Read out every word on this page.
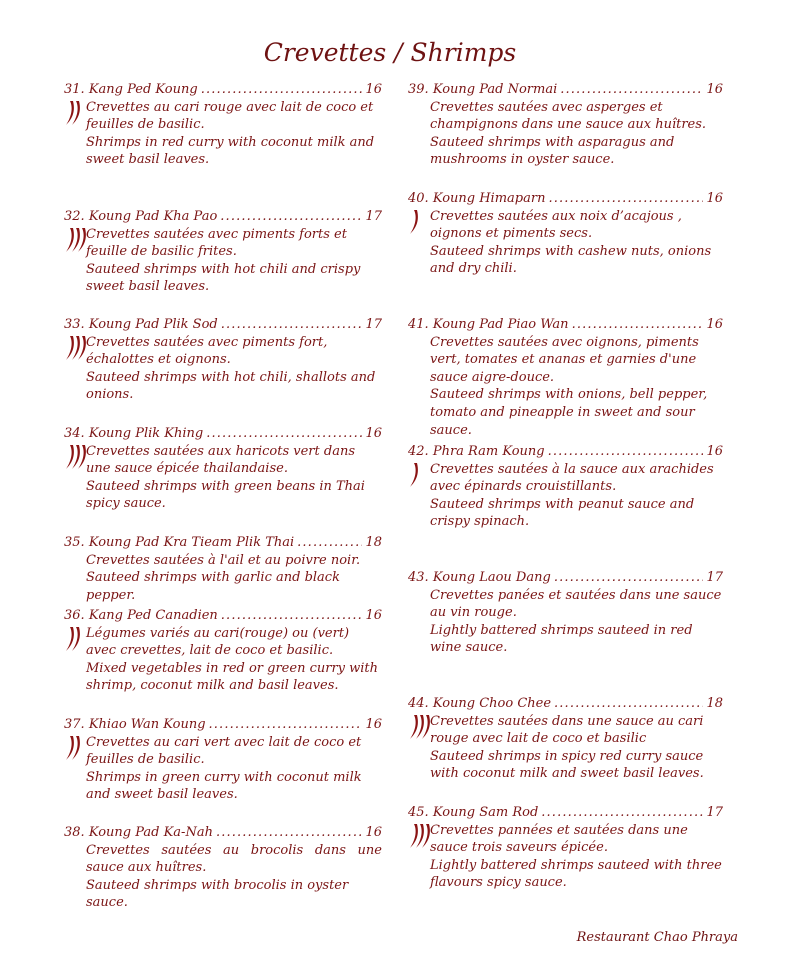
Crevettes / Shrimps
31. Kang Ped Koung . . .	16
Crevettes au cari rouge avec lait de coco et feuilles de basilic.
Shrimps in red curry with coconut milk and sweet basil leaves.
32. Koung Pad Kha Pao . . .	17
Crevettes sautées avec piments forts et feuille de basilic frites.
Sauteed shrimps with hot chili and crispy sweet basil leaves.
33. Koung Pad Plik Sod . . .	17
Crevettes sautées avec piments fort, échalottes et oignons.
Sauteed shrimps with hot chili, shallots and onions.
34. Koung Plik Khing . . .	16
Crevettes sautées aux haricots vert dans une sauce épicée thailandaise.
Sauteed shrimps with green beans in Thai spicy sauce.
35. Koung Pad Kra Tieam Plik Thai . . .	18
Crevettes sautées à l'ail et au poivre noir.
Sauteed shrimps with garlic and black pepper.
36. Kang Ped Canadien . . .	16
Légumes variés au cari(rouge) ou (vert) avec crevettes, lait de coco et basilic.
Mixed vegetables in red or green curry with shrimp, coconut milk and basil leaves.
37. Khiao Wan Koung . . .	16
Crevettes au cari vert avec lait de coco et feuilles de basilic.
Shrimps in green curry with coconut milk and sweet basil leaves.
38. Koung Pad Ka-Nah . . .	16
Crevettes sautées au brocolis dans une sauce aux huîtres.
Sauteed shrimps with brocolis in oyster sauce.
39. Koung Pad Normai . . .	16
Crevettes sautées avec asperges et champignons dans une sauce aux huîtres.
Sauteed shrimps with asparagus and mushrooms in oyster sauce.
40. Koung Himaparn . . .	16
Crevettes sautées aux noix d’acajous , oignons et piments secs.
Sauteed shrimps with cashew nuts, onions and dry chili.
41. Koung Pad Piao Wan . . .	16
Crevettes sautées avec oignons, piments vert, tomates et ananas et garnies d'une sauce aigre-douce.
Sauteed shrimps with onions, bell pepper, tomato and pineapple in sweet and sour sauce.
42. Phra Ram Koung . . .	16
Crevettes sautées à la sauce aux arachides avec épinards crouistillants.
Sauteed shrimps with peanut sauce and crispy spinach.
43. Koung Laou Dang . . .	17
Crevettes panées et sautées dans une sauce au vin rouge.
Lightly battered shrimps sauteed in red wine sauce.
44. Koung Choo Chee . . .	18
Crevettes sautées dans une sauce au cari rouge avec lait de coco et basilic
Sauteed shrimps in spicy red curry sauce with coconut milk and sweet basil leaves.
45. Koung Sam Rod . . .	17
Crevettes pannées et sautées dans une sauce trois saveurs épicée.
Lightly battered shrimps sauteed with three flavours spicy sauce.
Restaurant Chao Phraya
